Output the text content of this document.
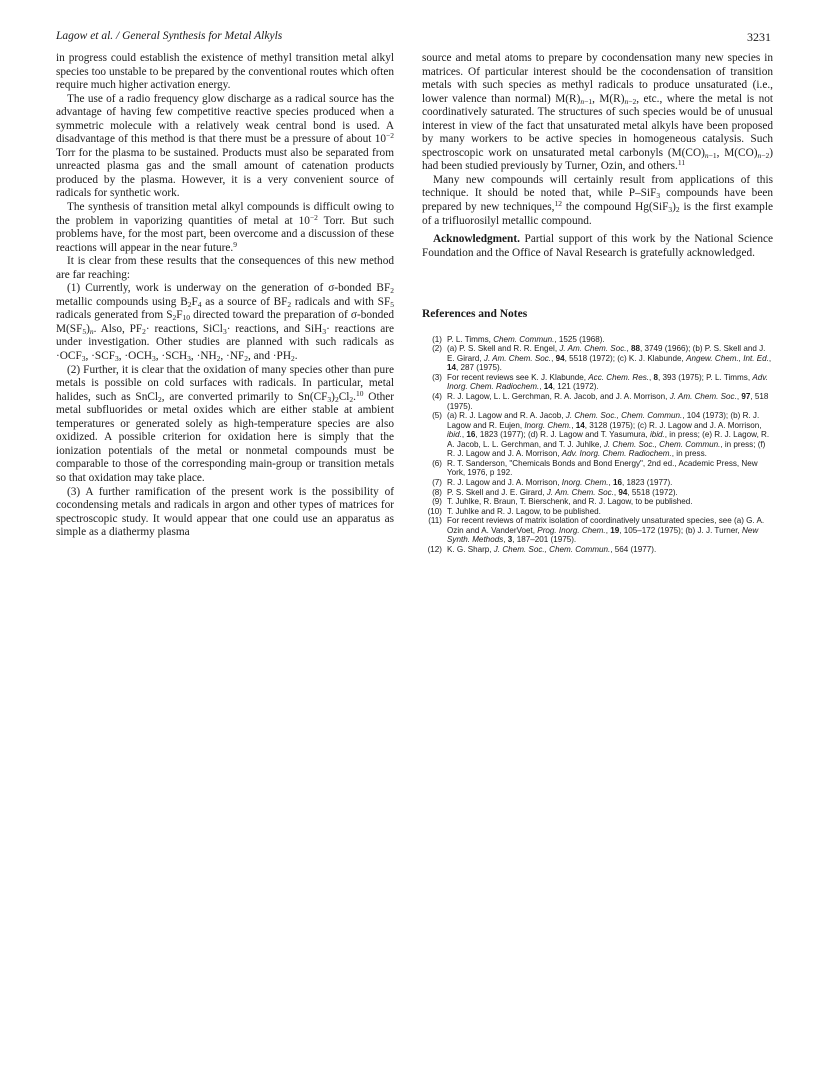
Lagow et al. / General Synthesis for Metal Alkyls	3231

in progress could establish the existence of methyl transition metal alkyl species too unstable to be prepared by the conventional routes which often require much higher activation energy.

The use of a radio frequency glow discharge as a radical source has the advantage of having few competitive reactive species produced when a symmetric molecule with a relatively weak central bond is used. A disadvantage of this method is that there must be a pressure of about $10^{-2}$ Torr for the plasma to be sustained. Products must also be separated from unreacted plasma gas and the small amount of catenation products produced by the plasma. However, it is a very convenient source of radicals for synthetic work.

The synthesis of transition metal alkyl compounds is difficult owing to the problem in vaporizing quantities of metal at $10^{-2}$ Torr. But such problems have, for the most part, been overcome and a discussion of these reactions will appear in the near future.$^9$

It is clear from these results that the consequences of this new method are far reaching:

(1) Currently, work is underway on the generation of σ-bonded $BF_2$ metallic compounds using $B_2F_4$ as a source of $BF_2$ radicals and with $SF_5$ radicals generated from $S_2F_{10}$ directed toward the preparation of σ-bonded $M(SF_5)_n$. Also, $PF_2\cdot$ reactions, SiCl$_3$· reactions, and SiH$_3$· reactions are under investigation. Other studies are planned with such radicals as $\cdot OCF_3$, $\cdot SCF_3$, $\cdot OCH_3$, $\cdot SCH_3$, $\cdot NH_2$, $\cdot NF_2$, and $\cdot PH_2$.

(2) Further, it is clear that the oxidation of many species other than pure metals is possible on cold surfaces with radicals. In particular, metal halides, such as SnCl$_2$, are converted primarily to $Sn(CF_3)_2Cl_2.^{10}$ Other metal subfluorides or metal oxides which are either stable at ambient temperatures or generated solely as high-temperature species are also oxidized. A possible criterion for oxidation here is simply that the ionization potentials of the metal or nonmetal compounds must be comparable to those of the corresponding main-group or transition metals so that oxidation may take place.

(3) A further ramification of the present work is the possibility of cocondensing metals and radicals in argon and other types of matrices for spectroscopic study. It would appear that one could use an apparatus as simple as a diathermy plasma

source and metal atoms to prepare by cocondensation many new species in matrices. Of particular interest should be the cocondensation of transition metals with such species as methyl radicals to produce unsaturated (i.e., lower valence than normal) $M(R)_{n-1}$, $M(R)_{n-2}$, etc., where the metal is not coordinatively saturated. The structures of such species would be of unusual interest in view of the fact that unsaturated metal alkyls have been proposed by many workers to be active species in homogeneous catalysis. Such spectroscopic work on unsaturated metal carbonyls ($M(CO)_{n-1}$, $M(CO)_{n-2}$) had been studied previously by Turner, Ozin, and others.$^{11}$

Many new compounds will certainly result from applications of this technique. It should be noted that, while P–SiF$_3$ compounds have been prepared by new techniques,$^{12}$ the compound $Hg(SiF_3)_2$ is the first example of a trifluorosilyl metallic compound.

Acknowledgment. Partial support of this work by the National Science Foundation and the Office of Naval Research is gratefully acknowledged.

References and Notes
(1) P. L. Timms, Chem. Commun., 1525 (1968).
(2) (a) P. S. Skell and R. R. Engel, J. Am. Chem. Soc., 88, 3749 (1966); (b) P. S. Skell and J. E. Girard, J. Am. Chem. Soc., 94, 5518 (1972); (c) K. J. Klabunde, Angew. Chem., Int. Ed., 14, 287 (1975).
(3) For recent reviews see K. J. Klabunde, Acc. Chem. Res., 8, 393 (1975); P. L. Timms, Adv. Inorg. Chem. Radiochem., 14, 121 (1972).
(4) R. J. Lagow, L. L. Gerchman, R. A. Jacob, and J. A. Morrison, J. Am. Chem. Soc., 97, 518 (1975).
(5) (a) R. J. Lagow and R. A. Jacob, J. Chem. Soc., Chem. Commun., 104 (1973); (b) R. J. Lagow and R. Eujen, Inorg. Chem., 14, 3128 (1975); (c) R. J. Lagow and J. A. Morrison, ibid., 16, 1823 (1977); (d) R. J. Lagow and T. Yasumura, ibid., in press; (e) R. J. Lagow, R. A. Jacob, L. L. Gerchman, and T. J. Juhlke, J. Chem. Soc., Chem. Commun., in press; (f) R. J. Lagow and J. A. Morrison, Adv. Inorg. Chem. Radiochem., in press.
(6) R. T. Sanderson, "Chemicals Bonds and Bond Energy", 2nd ed., Academic Press, New York, 1976, p 192.
(7) R. J. Lagow and J. A. Morrison, Inorg. Chem., 16, 1823 (1977).
(8) P. S. Skell and J. E. Girard, J. Am. Chem. Soc., 94, 5518 (1972).
(9) T. Juhlke, R. Braun, T. Bierschenk, and R. J. Lagow, to be published.
(10) T. Juhlke and R. J. Lagow, to be published.
(11) For recent reviews of matrix isolation of coordinatively unsaturated species, see (a) G. A. Ozin and A. VanderVoet, Prog. Inorg. Chem., 19, 105–172 (1975); (b) J. J. Turner, New Synth. Methods, 3, 187–201 (1975).
(12) K. G. Sharp, J. Chem. Soc., Chem. Commun., 564 (1977).
